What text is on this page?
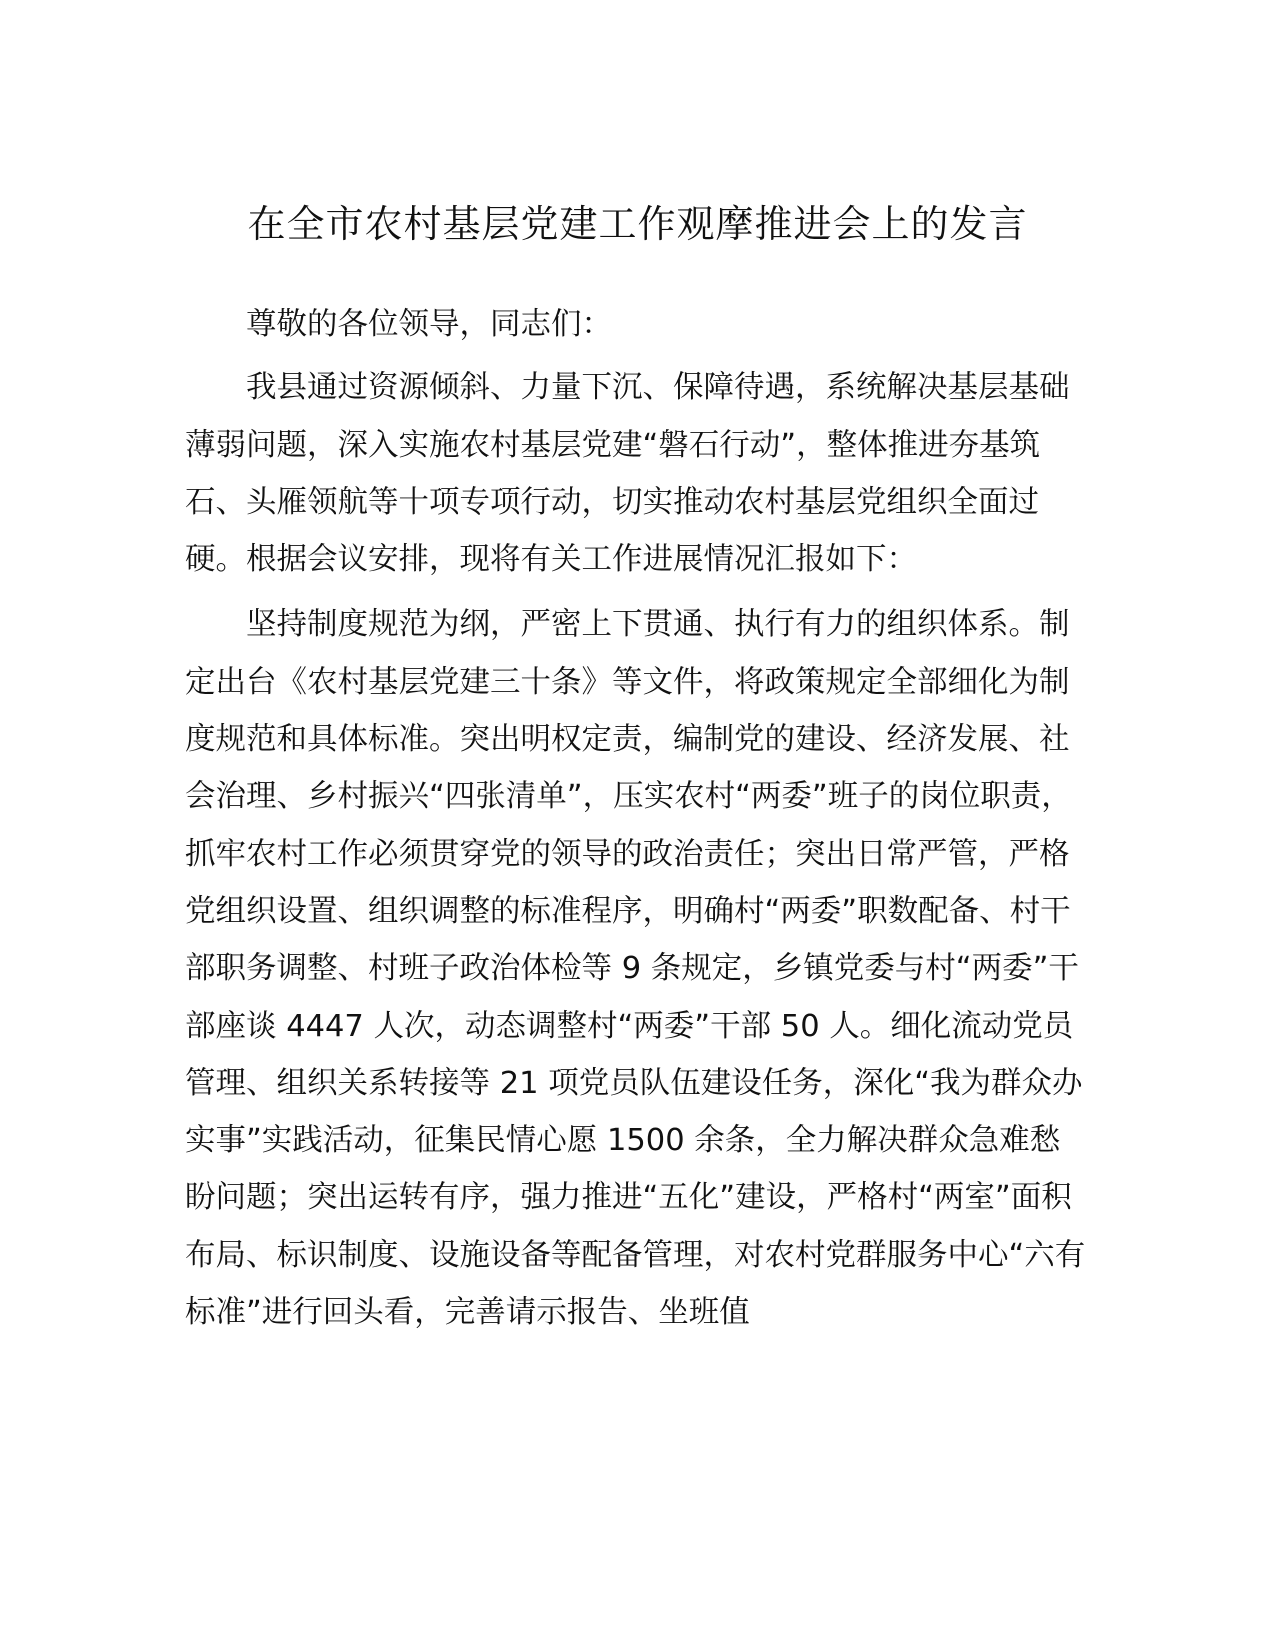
在全市农村基层党建工作观摩推进会上的发言

尊敬的各位领导，同志们：

我县通过资源倾斜、力量下沉、保障待遇，系统解决基层基础薄弱问题，深入实施农村基层党建“磐石行动”，整体推进夯基筑石、头雁领航等十项专项行动，切实推动农村基层党组织全面过硬。根据会议安排，现将有关工作进展情况汇报如下：

坚持制度规范为纲，严密上下贯通、执行有力的组织体系。制定出台《农村基层党建三十条》等文件，将政策规定全部细化为制度规范和具体标准。突出明权定责，编制党的建设、经济发展、社会治理、乡村振兴“四张清单”，压实农村“两委”班子的岗位职责，抓牢农村工作必须贯穿党的领导的政治责任；突出日常严管，严格党组织设置、组织调整的标准程序，明确村“两委”职数配备、村干部职务调整、村班子政治体检等 9 条规定，乡镇党委与村“两委”干部座谈 4447 人次，动态调整村“两委”干部 50 人。细化流动党员管理、组织关系转接等 21 项党员队伍建设任务，深化“我为群众办实事”实践活动，征集民情心愿 1500 余条，全力解决群众急难愁盼问题；突出运转有序，强力推进“五化”建设，严格村“两室”面积布局、标识制度、设施设备等配备管理，对农村党群服务中心“六有标准”进行回头看，完善请示报告、坐班值
